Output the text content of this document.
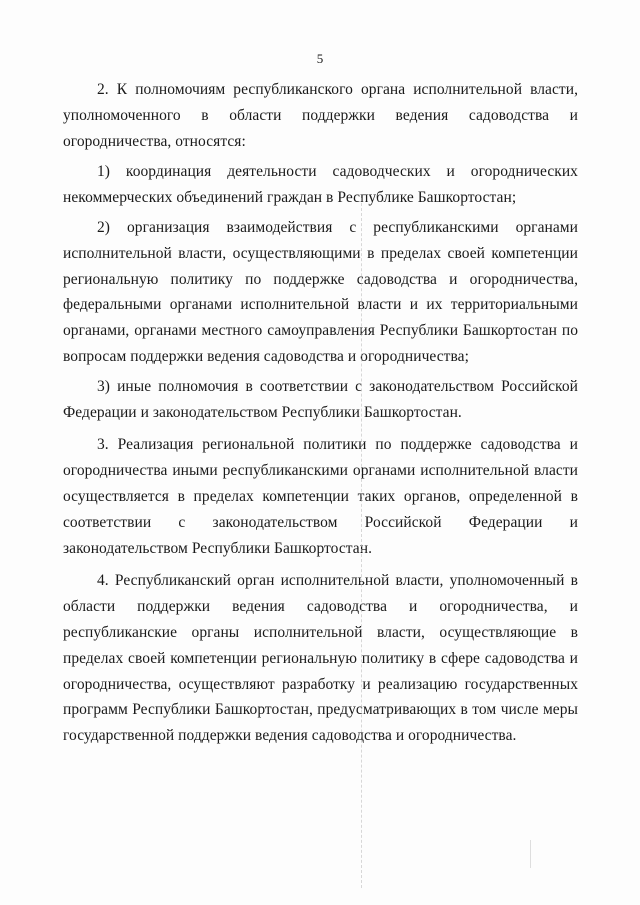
5

2. К полномочиям республиканского органа исполнительной власти, уполномоченного в области поддержки ведения садоводства и огородничества, относятся:

1) координация деятельности садоводческих и огороднических некоммерческих объединений граждан в Республике Башкортостан;

2) организация взаимодействия с республиканскими органами исполнительной власти, осуществляющими в пределах своей компетенции региональную политику по поддержке садоводства и огородничества, федеральными органами исполнительной власти и их территориальными органами, органами местного самоуправления Республики Башкортостан по вопросам поддержки ведения садоводства и огородничества;

3) иные полномочия в соответствии с законодательством Российской Федерации и законодательством Республики Башкортостан.

3. Реализация региональной политики по поддержке садоводства и огородничества иными республиканскими органами исполнительной власти осуществляется в пределах компетенции таких органов, определенной в соответствии с законодательством Российской Федерации и законодательством Республики Башкортостан.

4. Республиканский орган исполнительной власти, уполномоченный в области поддержки ведения садоводства и огородничества, и республиканские органы исполнительной власти, осуществляющие в пределах своей компетенции региональную политику в сфере садоводства и огородничества, осуществляют разработку и реализацию государственных программ Республики Башкортостан, предусматривающих в том числе меры государственной поддержки ведения садоводства и огородничества.
